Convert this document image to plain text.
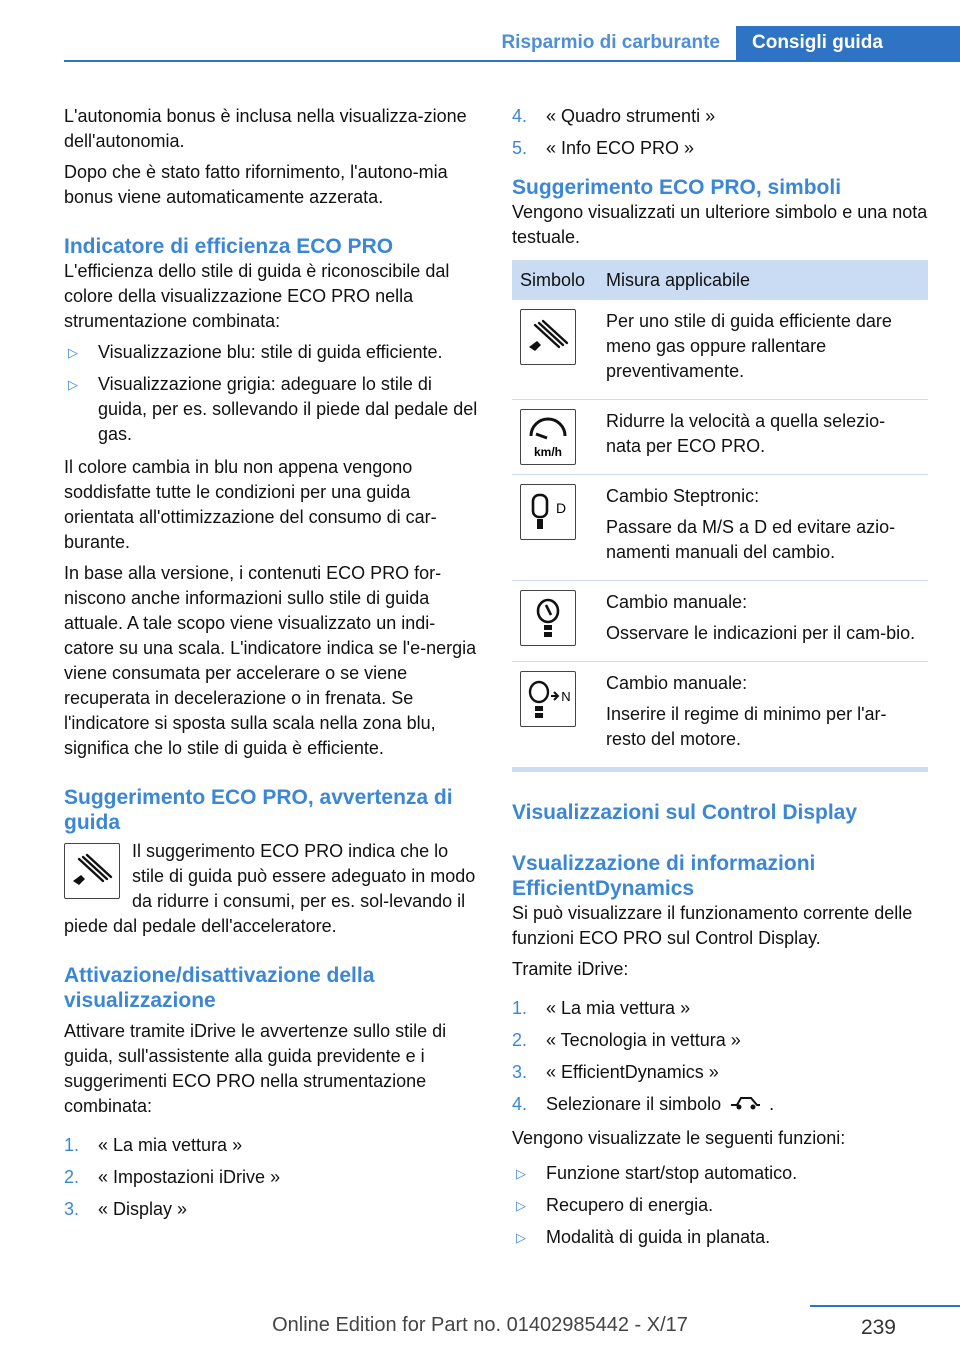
Risparmio di carburante	Consigli guida

L'autonomia bonus è inclusa nella visualizza-zione dell'autonomia.

Dopo che è stato fatto rifornimento, l'autono-mia bonus viene automaticamente azzerata.

Indicatore di efficienza ECO PRO

L'efficienza dello stile di guida è riconoscibile dal colore della visualizzazione ECO PRO nella strumentazione combinata:

▷ Visualizzazione blu: stile di guida efficiente.
▷ Visualizzazione grigia: adeguare lo stile di guida, per es. sollevando il piede dal pedale del gas.

Il colore cambia in blu non appena vengono soddisfatte tutte le condizioni per una guida orientata all'ottimizzazione del consumo di car-burante.

In base alla versione, i contenuti ECO PRO for-niscono anche informazioni sullo stile di guida attuale. A tale scopo viene visualizzato un indi-catore su una scala. L'indicatore indica se l'e-nergia viene consumata per accelerare o se viene recuperata in decelerazione o in frenata. Se l'indicatore si sposta sulla scala nella zona blu, significa che lo stile di guida è efficiente.

Suggerimento ECO PRO, avvertenza di guida

Il suggerimento ECO PRO indica che lo stile di guida può essere adeguato in modo da ridurre i consumi, per es. sol-levando il piede dal pedale dell'acceleratore.

Attivazione/disattivazione della visualizzazione

Attivare tramite iDrive le avvertenze sullo stile di guida, sull'assistente alla guida previdente e i suggerimenti ECO PRO nella strumentazione combinata:

1. « La mia vettura »
2. « Impostazioni iDrive »
3. « Display »
4. « Quadro strumenti »
5. « Info ECO PRO »
Suggerimento ECO PRO, simboli

Vengono visualizzati un ulteriore simbolo e una nota testuale.

Simbolo	Misura applicabile

Per uno stile di guida efficiente dare meno gas oppure rallentare preventivamente.

km/h	Ridurre la velocità a quella selezio-nata per ECO PRO.

D	Cambio Steptronic:

Passare da M/S a D ed evitare azio-namenti manuali del cambio.

Cambio manuale:

Osservare le indicazioni per il cam-bio.

N	Cambio manuale:

Inserire il regime di minimo per l'ar-resto del motore.

Visualizzazioni sul Control Display
Vsualizzazione di informazioni EfficientDynamics

Si può visualizzare il funzionamento corrente delle funzioni ECO PRO sul Control Display.

Tramite iDrive:

1. « La mia vettura »
2. « Tecnologia in vettura »
3. « EfficientDynamics »
4. Selezionare il simbolo	.

Vengono visualizzate le seguenti funzioni:

▷ Funzione start/stop automatico.
▷ Recupero di energia.
▷ Modalità di guida in planata.
239
Online Edition for Part no. 01402985442 - X/17
